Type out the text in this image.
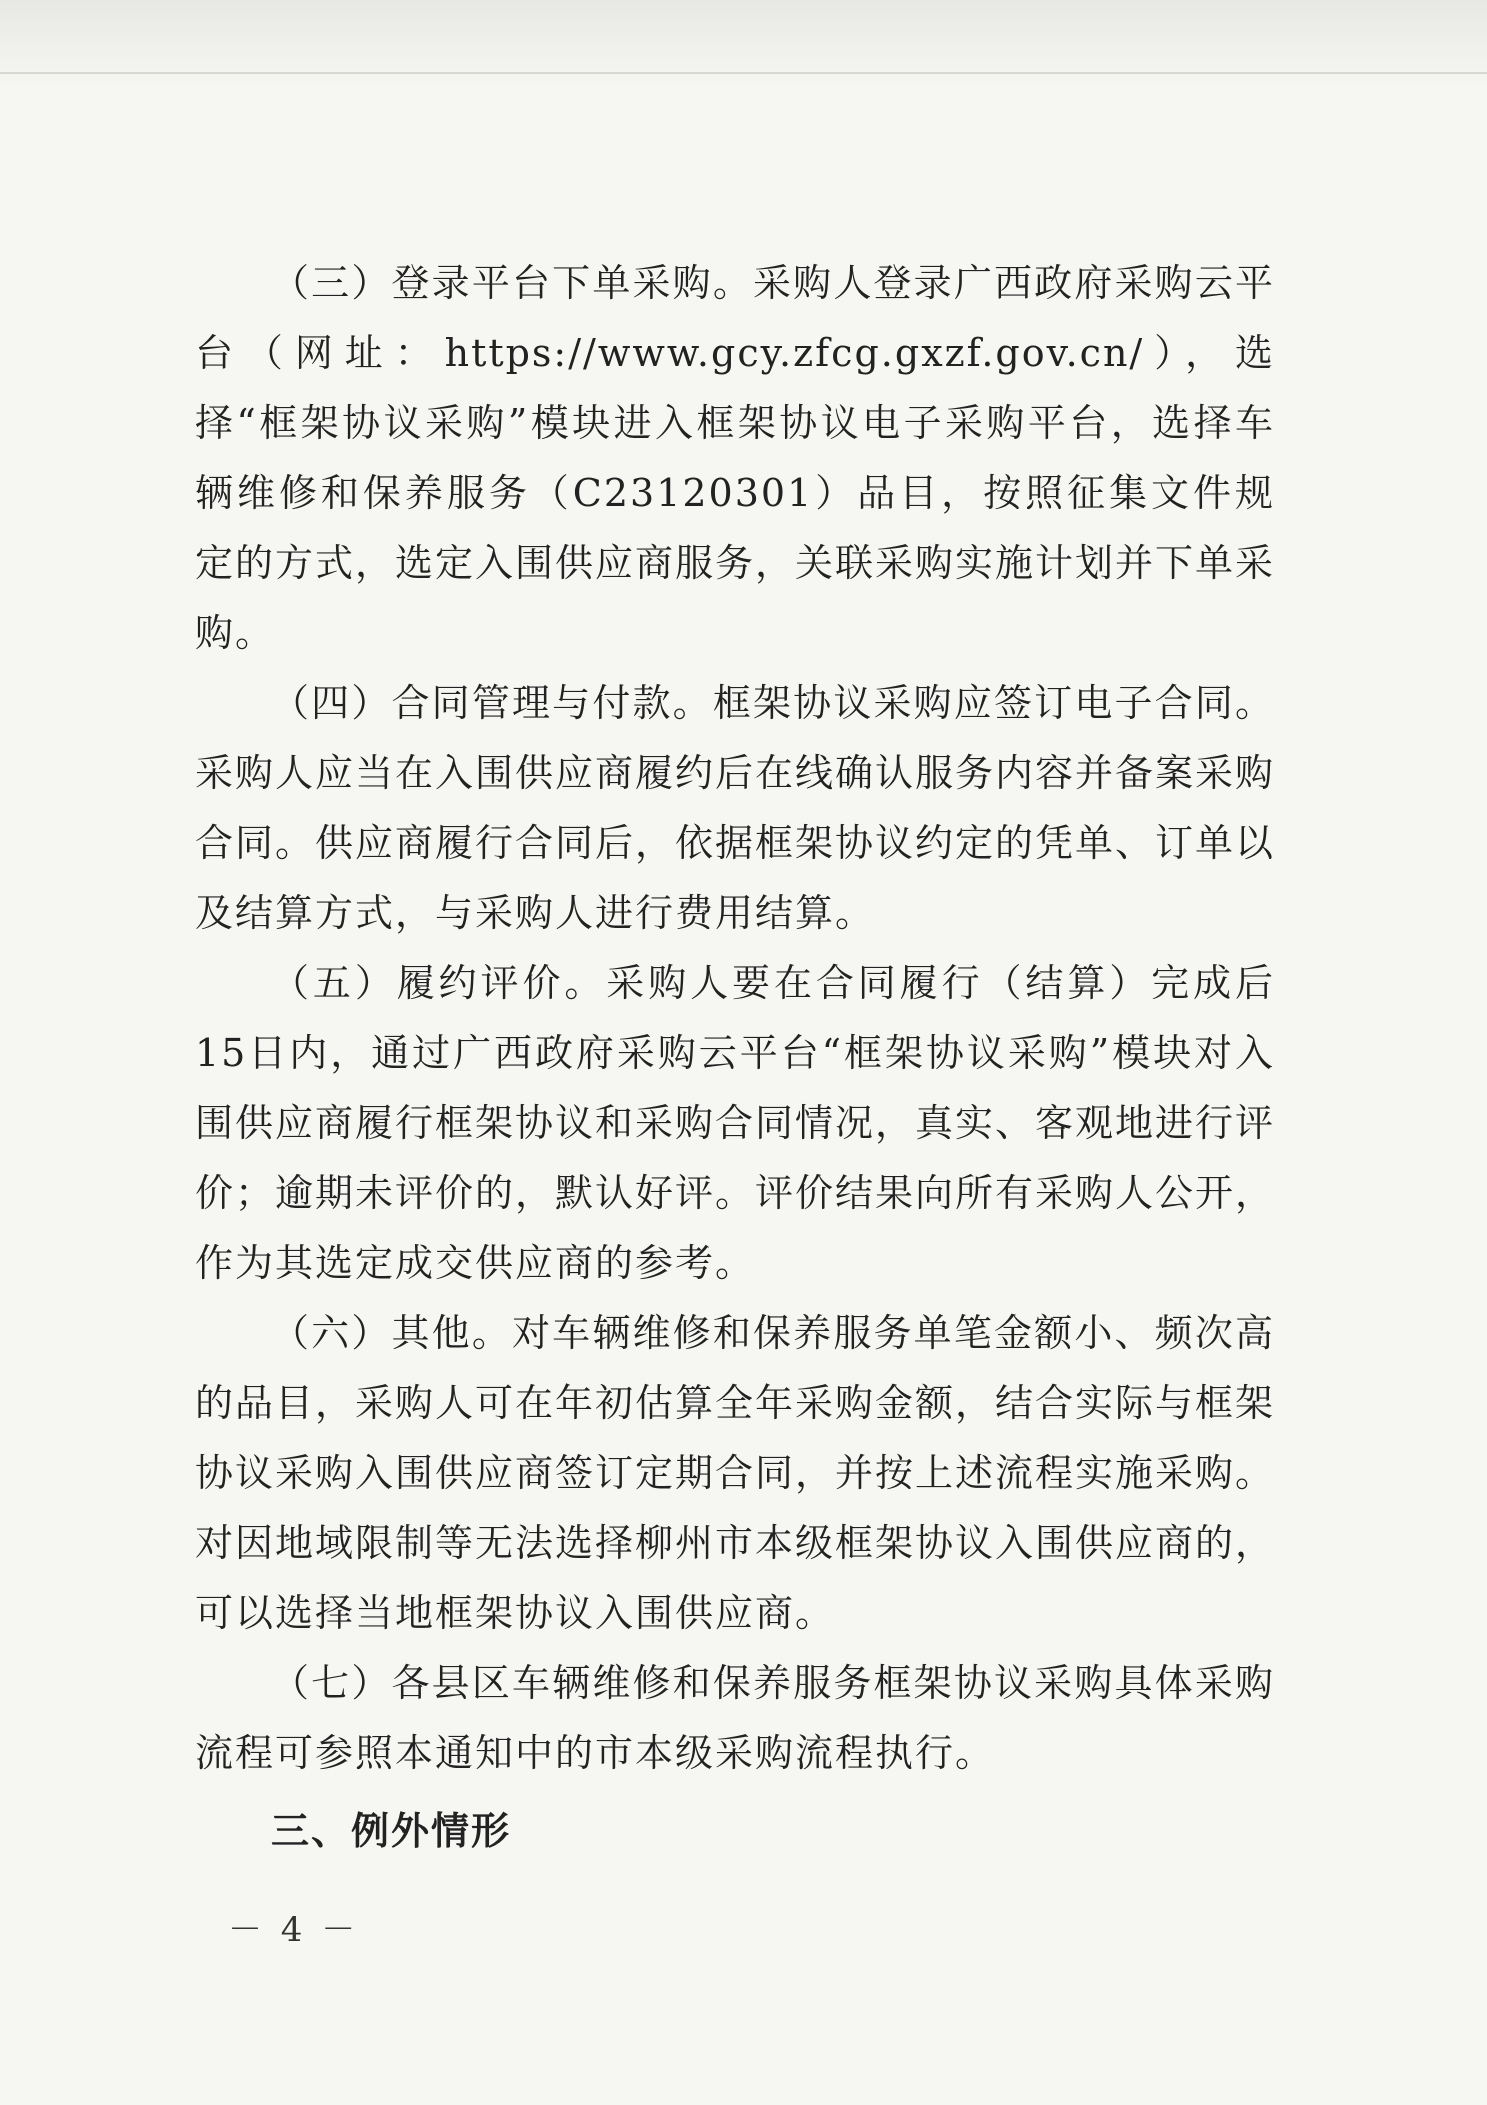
（三）登录平台下单采购。采购人登录广西政府采购云平台（网址：https://www.gcy.zfcg.gxzf.gov.cn/），选择“框架协议采购”模块进入框架协议电子采购平台，选择车辆维修和保养服务（C23120301）品目，按照征集文件规定的方式，选定入围供应商服务，关联采购实施计划并下单采购。

（四）合同管理与付款。框架协议采购应签订电子合同。采购人应当在入围供应商履约后在线确认服务内容并备案采购合同。供应商履行合同后，依据框架协议约定的凭单、订单以及结算方式，与采购人进行费用结算。

（五）履约评价。采购人要在合同履行（结算）完成后15日内，通过广西政府采购云平台“框架协议采购”模块对入围供应商履行框架协议和采购合同情况，真实、客观地进行评价；逾期未评价的，默认好评。评价结果向所有采购人公开，作为其选定成交供应商的参考。

（六）其他。对车辆维修和保养服务单笔金额小、频次高的品目，采购人可在年初估算全年采购金额，结合实际与框架协议采购入围供应商签订定期合同，并按上述流程实施采购。对因地域限制等无法选择柳州市本级框架协议入围供应商的，可以选择当地框架协议入围供应商。

（七）各县区车辆维修和保养服务框架协议采购具体采购流程可参照本通知中的市本级采购流程执行。

三、例外情形

－ 4 －
